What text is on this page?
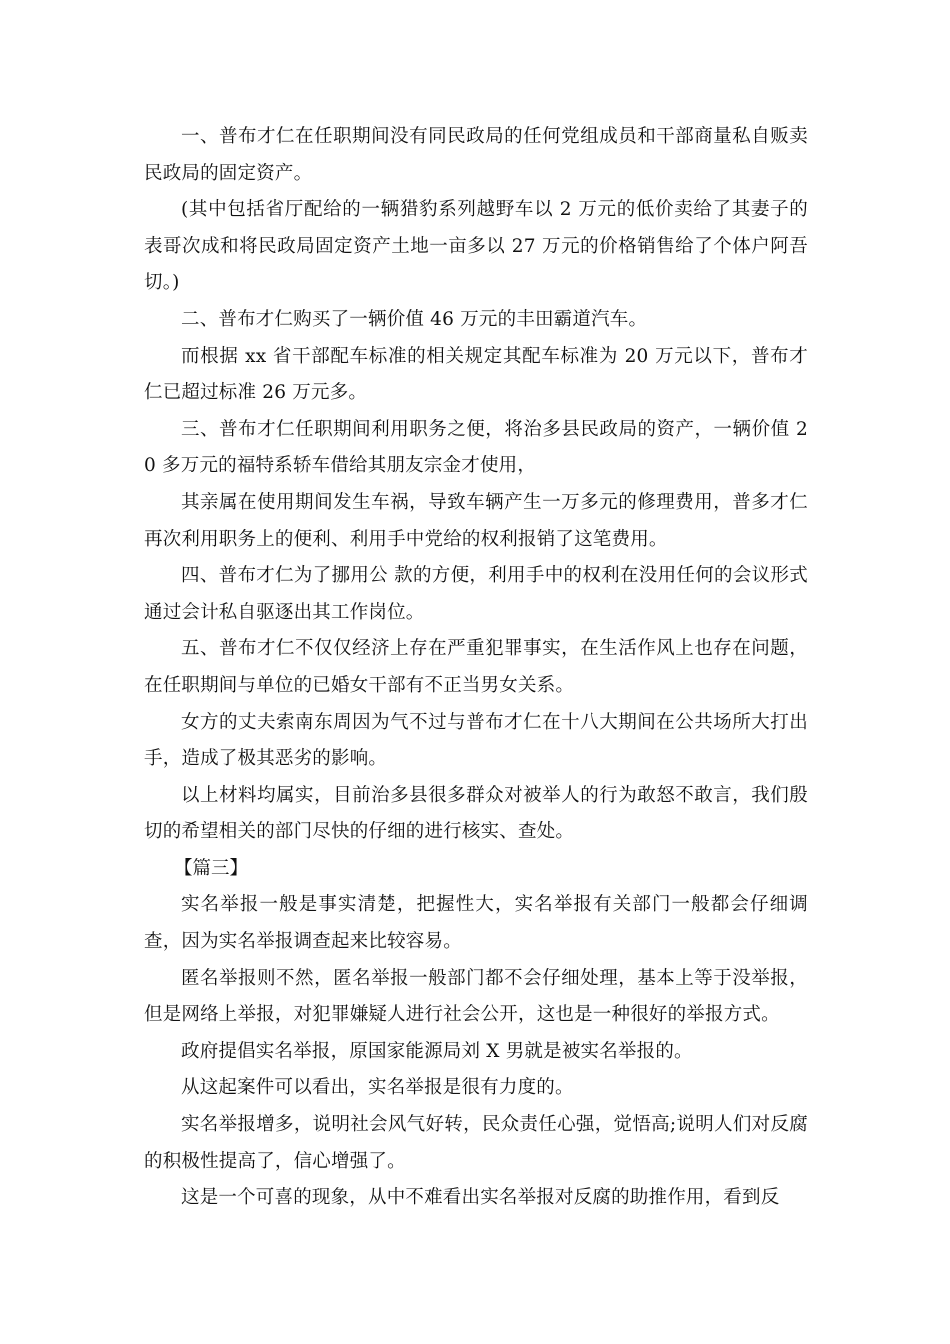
一、普布才仁在任职期间没有同民政局的任何党组成员和干部商量私自贩卖民政局的固定资产。

(其中包括省厅配给的一辆猎豹系列越野车以 2 万元的低价卖给了其妻子的表哥次成和将民政局固定资产土地一亩多以 27 万元的价格销售给了个体户阿吾切。)

二、普布才仁购买了一辆价值 46 万元的丰田霸道汽车。

而根据 xx 省干部配车标准的相关规定其配车标准为 20 万元以下，普布才仁已超过标准 26 万元多。

三、普布才仁任职期间利用职务之便，将治多县民政局的资产，一辆价值 20 多万元的福特系轿车借给其朋友宗金才使用，

其亲属在使用期间发生车祸，导致车辆产生一万多元的修理费用，普多才仁再次利用职务上的便利、利用手中党给的权利报销了这笔费用。

四、普布才仁为了挪用公 款的方便，利用手中的权利在没用任何的会议形式通过会计私自驱逐出其工作岗位。

五、普布才仁不仅仅经济上存在严重犯罪事实，在生活作风上也存在问题，在任职期间与单位的已婚女干部有不正当男女关系。

女方的丈夫索南东周因为气不过与普布才仁在十八大期间在公共场所大打出手，造成了极其恶劣的影响。

以上材料均属实，目前治多县很多群众对被举人的行为敢怒不敢言，我们殷切的希望相关的部门尽快的仔细的进行核实、查处。

【篇三】

实名举报一般是事实清楚，把握性大，实名举报有关部门一般都会仔细调查，因为实名举报调查起来比较容易。

匿名举报则不然，匿名举报一般部门都不会仔细处理，基本上等于没举报，但是网络上举报，对犯罪嫌疑人进行社会公开，这也是一种很好的举报方式。

政府提倡实名举报，原国家能源局刘 X 男就是被实名举报的。

从这起案件可以看出，实名举报是很有力度的。

实名举报增多，说明社会风气好转，民众责任心强，觉悟高;说明人们对反腐的积极性提高了，信心增强了。

这是一个可喜的现象，从中不难看出实名举报对反腐的助推作用，看到反
